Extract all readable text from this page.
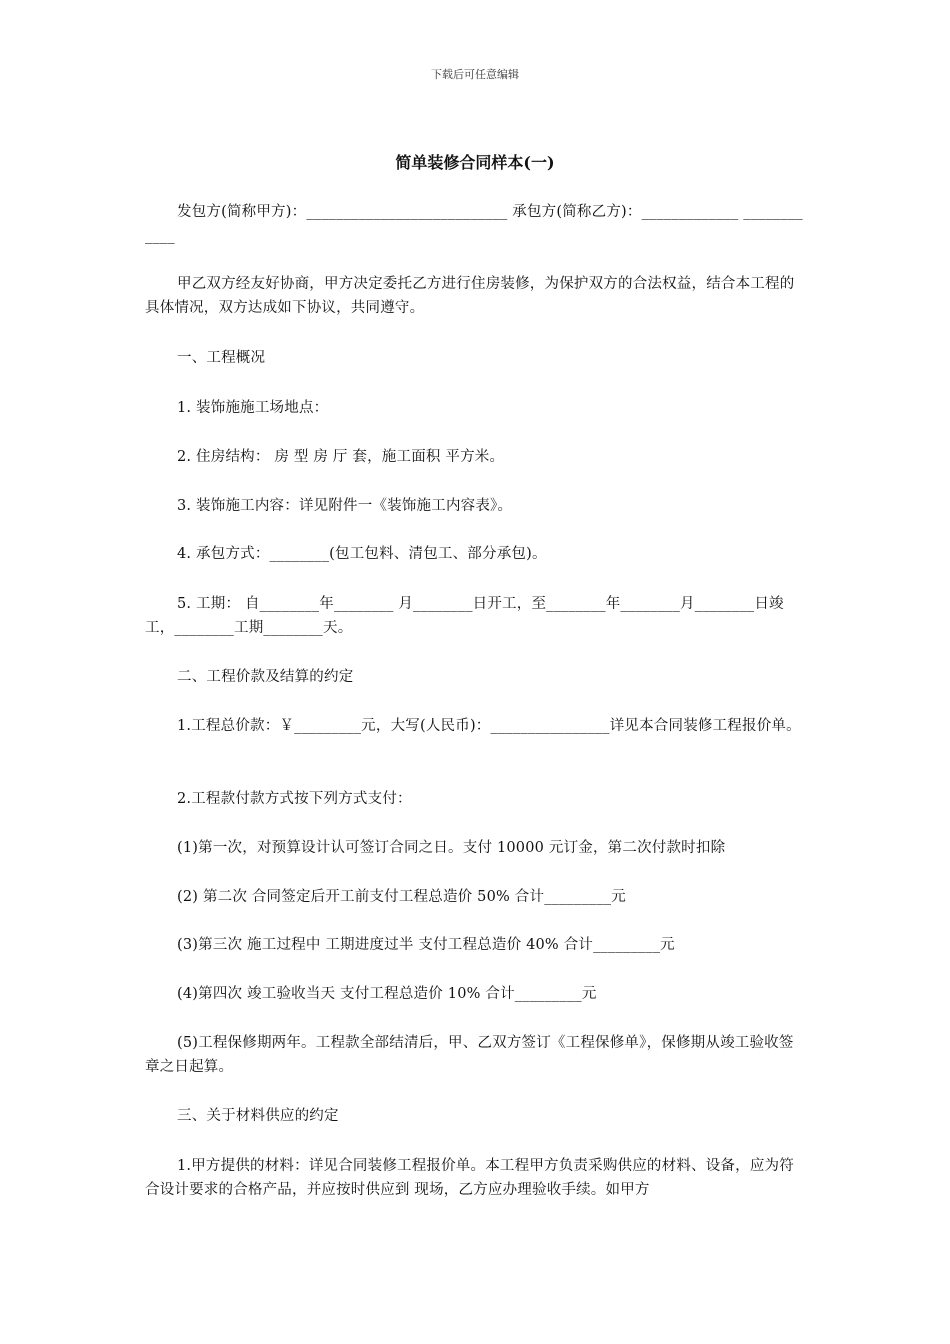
下载后可任意编辑
简单装修合同样本(一)
发包方(简称甲方)：___________________________ 承包方(简称乙方)：_____________ ____________
甲乙双方经友好协商，甲方决定委托乙方进行住房装修，为保护双方的合法权益，结合本工程的具体情况，双方达成如下协议，共同遵守。
一、工程概况
1. 装饰施施工场地点：
2. 住房结构： 房 型 房 厅 套，施工面积 平方米。
3. 装饰施工内容：详见附件一《装饰施工内容表》。
4. 承包方式：________(包工包料、清包工、部分承包)。
5. 工期： 自________年________ 月________日开工，至________年________月________日竣工，________工期________天。
二、工程价款及结算的约定
1.工程总价款：￥_________元，大写(人民币)：________________详见本合同装修工程报价单。
2.工程款付款方式按下列方式支付：
(1)第一次，对预算设计认可签订合同之日。支付 10000 元订金，第二次付款时扣除
(2) 第二次 合同签定后开工前支付工程总造价 50% 合计_________元
(3)第三次 施工过程中 工期进度过半 支付工程总造价 40% 合计_________元
(4)第四次 竣工验收当天 支付工程总造价 10% 合计_________元
(5)工程保修期两年。工程款全部结清后，甲、乙双方签订《工程保修单》，保修期从竣工验收签章之日起算。
三、关于材料供应的约定
1.甲方提供的材料：详见合同装修工程报价单。本工程甲方负责采购供应的材料、设备，应为符合设计要求的合格产品，并应按时供应到 现场，乙方应办理验收手续。如甲方
